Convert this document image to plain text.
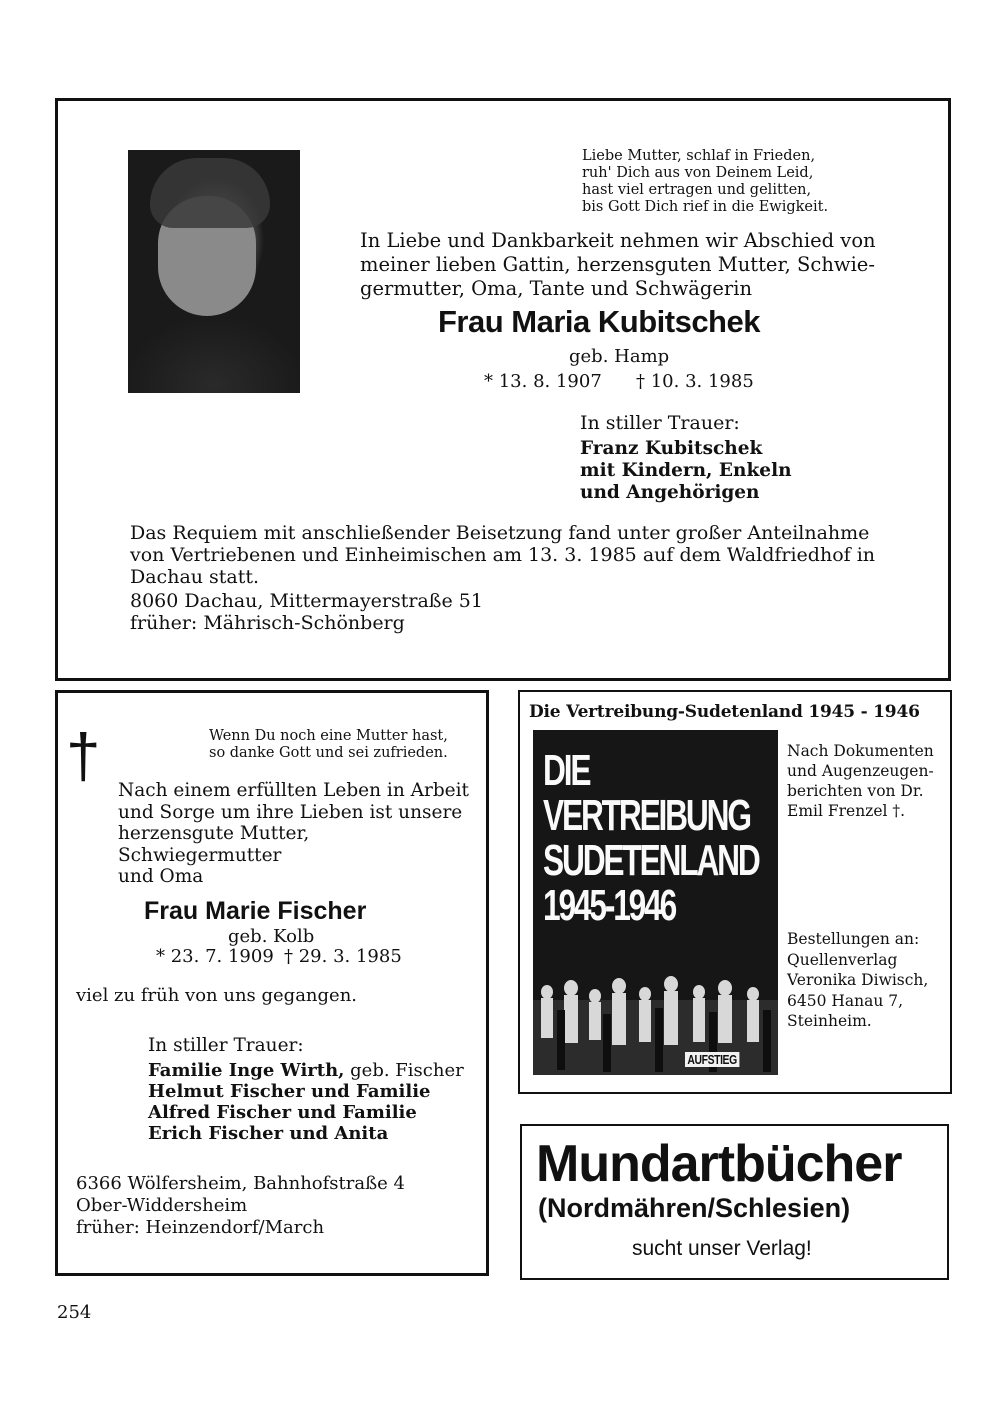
Liebe Mutter, schlaf in Frieden,
ruh' Dich aus von Deinem Leid,
hast viel ertragen und gelitten,
bis Gott Dich rief in die Ewigkeit.
In Liebe und Dankbarkeit nehmen wir Abschied von
meiner lieben Gattin, herzensguten Mutter, Schwie-
germutter, Oma, Tante und Schwägerin
Frau Maria Kubitschek
geb. Hamp
* 13. 8. 1907 † 10. 3. 1985
In stiller Trauer:
Franz Kubitschek
mit Kindern, Enkeln
und Angehörigen
Das Requiem mit anschließender Beisetzung fand unter großer Anteilnahme
von Vertriebenen und Einheimischen am 13. 3. 1985 auf dem Waldfriedhof in
Dachau statt.
8060 Dachau, Mittermayerstraße 51
früher: Mährisch-Schönberg
†	Wenn Du noch eine Mutter hast,
so danke Gott und sei zufrieden.
Nach einem erfüllten Leben in Arbeit
und Sorge um ihre Lieben ist unsere
herzensgute Mutter, Schwiegermutter
und Oma
Frau Marie Fischer
geb. Kolb
* 23. 7. 1909 † 29. 3. 1985
viel zu früh von uns gegangen.
In stiller Trauer:
Familie Inge Wirth, geb. Fischer
Helmut Fischer und Familie
Alfred Fischer und Familie
Erich Fischer und Anita
6366 Wölfersheim, Bahnhofstraße 4
Ober-Widdersheim
früher: Heinzendorf/March
Die Vertreibung-Sudetenland 1945 - 1946
DIE
VERTREIBUNG
SUDETENLAND
1945-1946
AUFSTIEG
Nach Dokumenten
und Augenzeugen-
berichten von Dr.
Emil Frenzel †.
Bestellungen an:
Quellenverlag
Veronika Diwisch,
6450 Hanau 7,
Steinheim.
Mundartbücher
(Nordmähren/Schlesien)
sucht unser Verlag!
254
